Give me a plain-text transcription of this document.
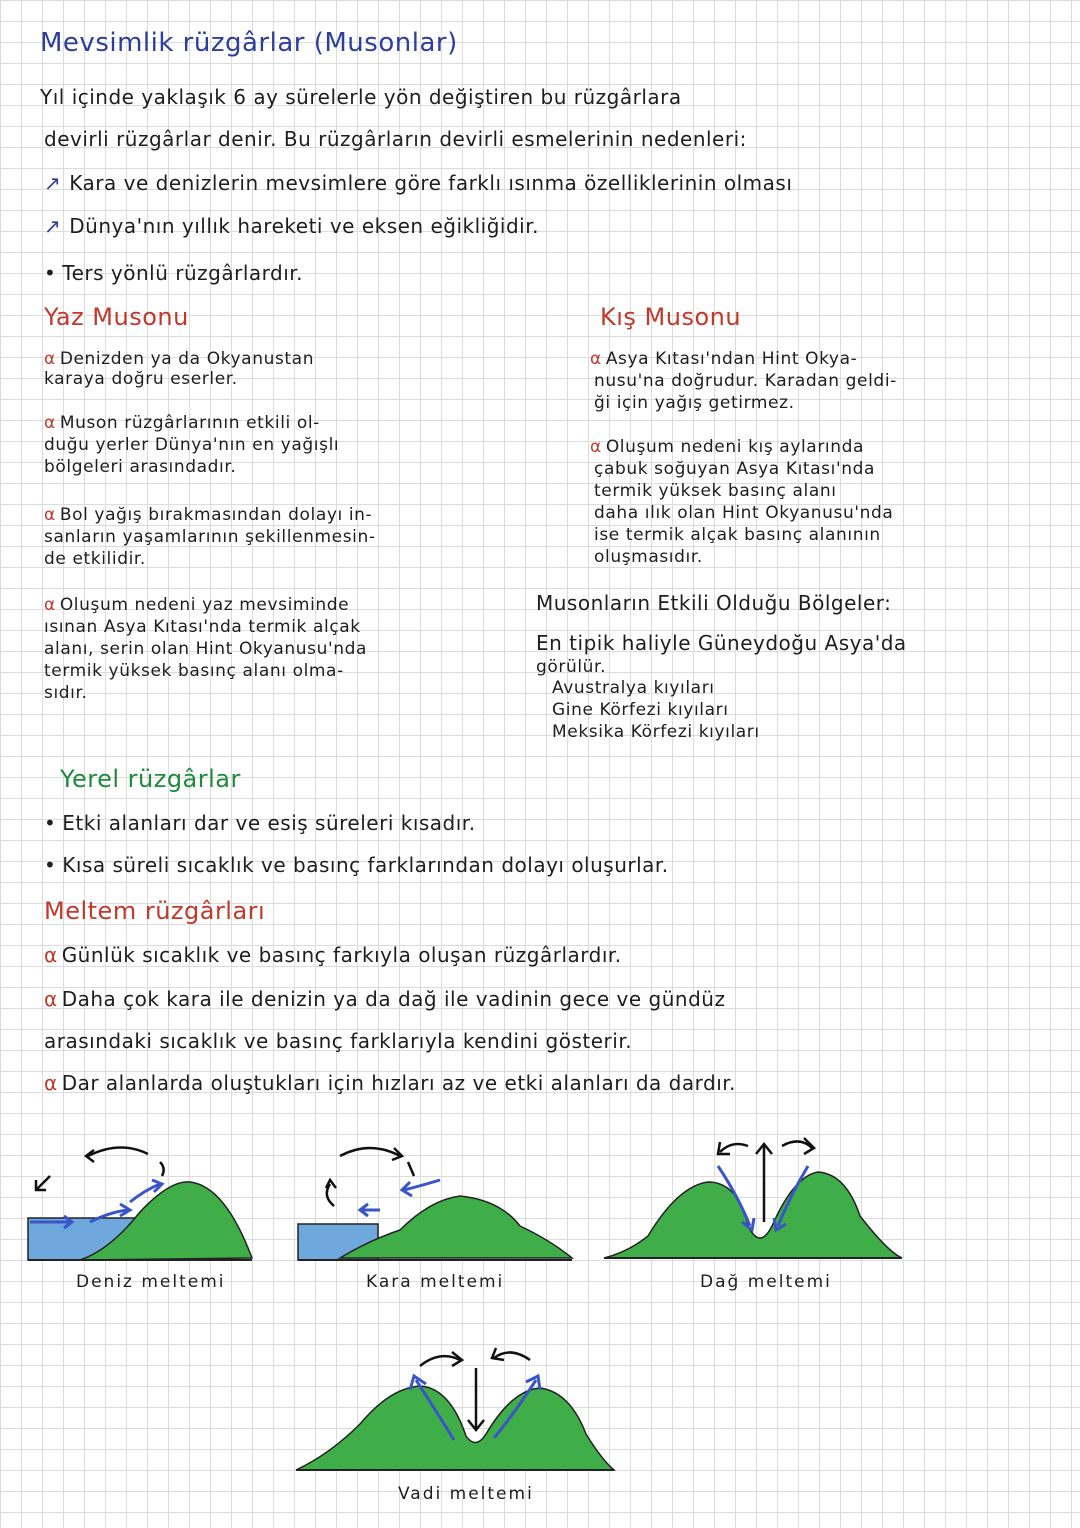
Mevsimlik rüzgârlar (Musonlar)
Yıl içinde yaklaşık 6 ay sürelerle yön değiştiren bu rüzgârlara
devirli rüzgârlar denir. Bu rüzgârların devirli esmelerinin nedenleri:
↗ Kara ve denizlerin mevsimlere göre farklı ısınma özelliklerinin olması
↗ Dünya'nın yıllık hareketi ve eksen eğikliğidir.
• Ters yönlü rüzgârlardır.
Yaz Musonu
α Denizden ya da Okyanustan
karaya doğru eserler.
α Muson rüzgârlarının etkili ol-
duğu yerler Dünya'nın en yağışlı
bölgeleri arasındadır.
α Bol yağış bırakmasından dolayı in-
sanların yaşamlarının şekillenmesin-
de etkilidir.
α Oluşum nedeni yaz mevsiminde
ısınan Asya Kıtası'nda termik alçak
alanı, serin olan Hint Okyanusu'nda
termik yüksek basınç alanı olma-
sıdır.
Kış Musonu
α Asya Kıtası'ndan Hint Okya-
nusu'na doğrudur. Karadan geldi-
ği için yağış getirmez.
α Oluşum nedeni kış aylarında
çabuk soğuyan Asya Kıtası'nda
termik yüksek basınç alanı
daha ılık olan Hint Okyanusu'nda
ise termik alçak basınç alanının
oluşmasıdır.
Musonların Etkili Olduğu Bölgeler:
En tipik haliyle Güneydoğu Asya'da
görülür.
Avustralya kıyıları
Gine Körfezi kıyıları
Meksika Körfezi kıyıları
Yerel rüzgârlar
• Etki alanları dar ve esiş süreleri kısadır.
• Kısa süreli sıcaklık ve basınç farklarından dolayı oluşurlar.
Meltem rüzgârları
α Günlük sıcaklık ve basınç farkıyla oluşan rüzgârlardır.
α Daha çok kara ile denizin ya da dağ ile vadinin gece ve gündüz
arasındaki sıcaklık ve basınç farklarıyla kendini gösterir.
α Dar alanlarda oluştukları için hızları az ve etki alanları da dardır.
Deniz meltemi	Kara meltemi	Dağ meltemi
Vadi meltemi
